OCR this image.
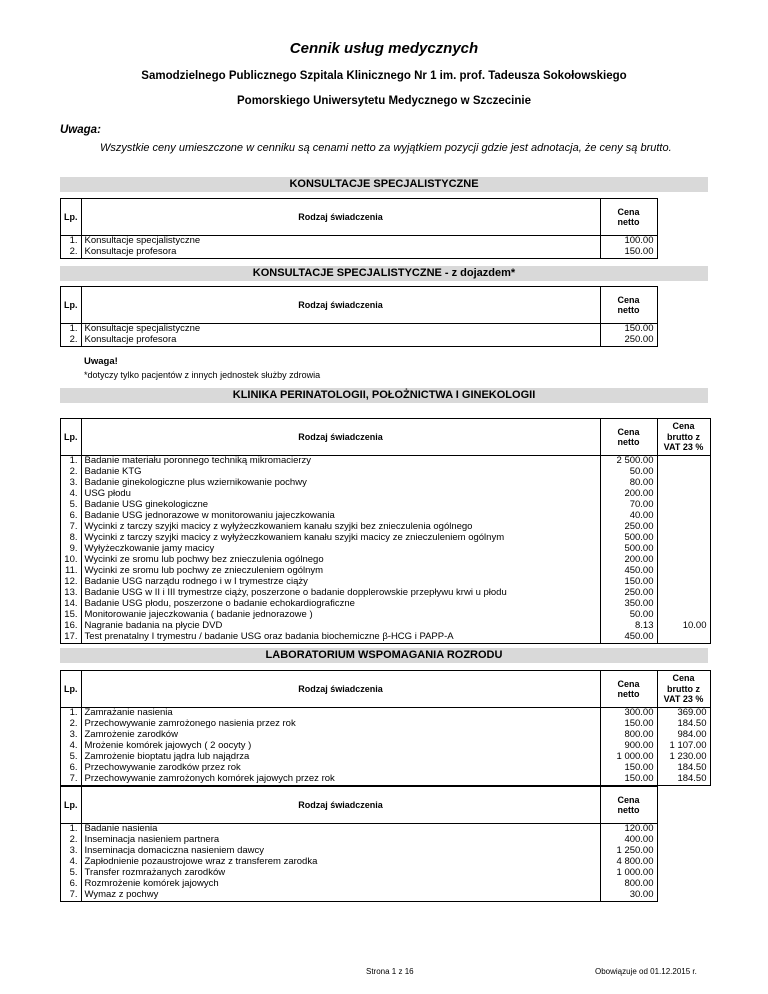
Cennik usług medycznych
Samodzielnego Publicznego Szpitala Klinicznego Nr 1 im. prof. Tadeusza Sokołowskiego
Pomorskiego Uniwersytetu Medycznego w Szczecinie
Uwaga:
Wszystkie ceny umieszczone w cenniku są cenami netto za wyjątkiem pozycji gdzie jest adnotacja, że ceny są brutto.
KONSULTACJE SPECJALISTYCZNE
Lp.	Rodzaj świadczenia	Cena
netto
1.	Konsultacje specjalistyczne	100.00
2.	Konsultacje profesora	150.00
KONSULTACJE SPECJALISTYCZNE - z dojazdem*
Lp.	Rodzaj świadczenia	Cena
netto
1.	Konsultacje specjalistyczne	150.00
2.	Konsultacje profesora	250.00
Uwaga!
*dotyczy tylko pacjentów z innych jednostek służby zdrowia
KLINIKA PERINATOLOGII, POŁOŻNICTWA I GINEKOLOGII
Lp.	Rodzaj świadczenia	Cena
netto	Cena
brutto z
VAT 23 %
1.	Badanie materiału poronnego techniką mikromacierzy	2 500.00	
2.	Badanie KTG	50.00	
3.	Badanie ginekologiczne plus wziernikowanie pochwy	80.00	
4.	USG płodu	200.00	
5.	Badanie USG ginekologiczne	70.00	
6.	Badanie USG jednorazowe w monitorowaniu jajeczkowania	40.00	
7.	Wycinki z tarczy szyjki macicy z wyłyżeczkowaniem kanału szyjki bez znieczulenia ogólnego	250.00	
8.	Wycinki z tarczy szyjki macicy z wyłyżeczkowaniem kanału szyjki macicy ze znieczuleniem ogólnym	500.00	
9.	Wyłyżeczkowanie jamy macicy	500.00	
10.	Wycinki ze sromu lub pochwy bez znieczulenia ogólnego	200.00	
11.	Wycinki ze sromu lub pochwy ze znieczuleniem ogólnym	450.00	
12.	Badanie USG narządu rodnego i w I trymestrze ciąży	150.00	
13.	Badanie USG w II i III trymestrze ciąży, poszerzone o badanie dopplerowskie przepływu krwi u płodu	250.00	
14.	Badanie USG płodu, poszerzone o badanie echokardiograficzne	350.00	
15.	Monitorowanie jajeczkowania ( badanie jednorazowe )	50.00	
16.	Nagranie badania na płycie DVD	8.13	10.00
17.	Test prenatalny I trymestru / badanie USG oraz badania biochemiczne β-HCG i PAPP-A	450.00	
LABORATORIUM WSPOMAGANIA ROZRODU
Lp.	Rodzaj świadczenia	Cena
netto	Cena
brutto z
VAT 23 %
1.	Zamrażanie nasienia	300.00	369.00
2.	Przechowywanie zamrożonego nasienia przez rok	150.00	184.50
3.	Zamrożenie zarodków	800.00	984.00
4.	Mrożenie komórek jajowych ( 2 oocyty )	900.00	1 107.00
5.	Zamrożenie bioptatu jądra lub najądrza	1 000.00	1 230.00
6.	Przechowywanie zarodków przez rok	150.00	184.50
7.	Przechowywanie zamrożonych komórek jajowych przez rok	150.00	184.50
Lp.	Rodzaj świadczenia	Cena
netto
1.	Badanie nasienia	120.00
2.	Inseminacja nasieniem partnera	400.00
3.	Inseminacja domaciczna nasieniem dawcy	1 250.00
4.	Zapłodnienie pozaustrojowe wraz z transferem zarodka	4 800.00
5.	Transfer rozmrażanych zarodków	1 000.00
6.	Rozmrożenie komórek jajowych	800.00
7.	Wymaz z pochwy	30.00
Strona 1 z 16	Obowiązuje od 01.12.2015 r.
